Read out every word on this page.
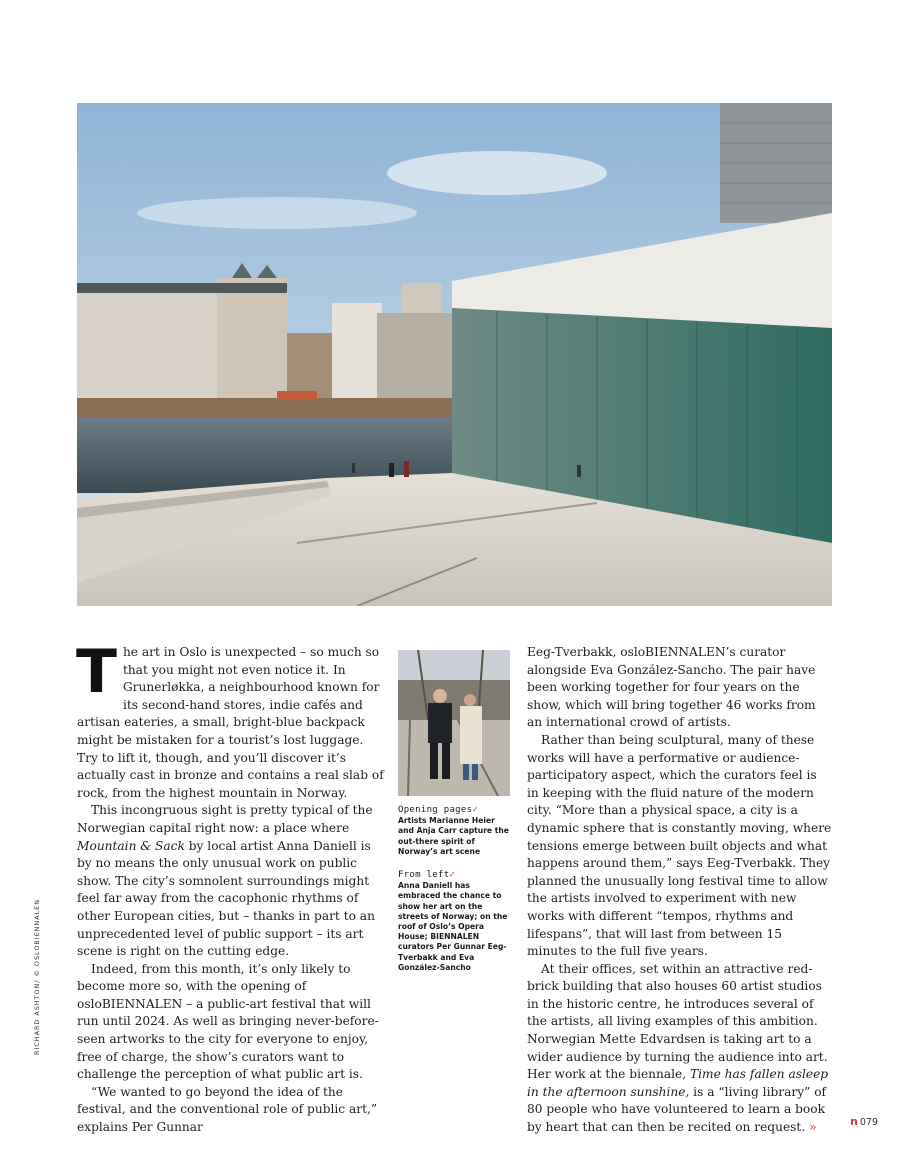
The art in Oslo is unexpected – so much so that you might not even notice it. In Grunerløkka, a neighbourhood known for its second-hand stores, indie cafés and artisan eateries, a small, bright-blue backpack might be mistaken for a tourist’s lost luggage. Try to lift it, though, and you’ll discover it’s actually cast in bronze and contains a real slab of rock, from the highest mountain in Norway.

This incongruous sight is pretty typical of the Norwegian capital right now: a place where Mountain & Sack by local artist Anna Daniell is by no means the only unusual work on public show. The city’s somnolent surroundings might feel far away from the cacophonic rhythms of other European cities, but – thanks in part to an unprecedented level of public support – its art scene is right on the cutting edge.

Indeed, from this month, it’s only likely to become more so, with the opening of osloBIENNALEN – a public-art festival that will run until 2024. As well as bringing never-before-seen artworks to the city for everyone to enjoy, free of charge, the show’s curators want to challenge the perception of what public art is.

“We wanted to go beyond the idea of the festival, and the conventional role of public art,” explains Per Gunnar

Opening pages✓
Artists Marianne Heier and Anja Carr capture the out-there spirit of Norway’s art scene
From left✓
Anna Daniell has embraced the chance to show her art on the streets of Norway; on the roof of Oslo’s Opera House; BIENNALEN curators Per Gunnar Eeg-Tverbakk and Eva González-Sancho

Eeg-Tverbakk, osloBIENNALEN’s curator alongside Eva González-Sancho. The pair have been working together for four years on the show, which will bring together 46 works from an international crowd of artists.

Rather than being sculptural, many of these works will have a performative or audience-participatory aspect, which the curators feel is in keeping with the fluid nature of the modern city. “More than a physical space, a city is a dynamic sphere that is constantly moving, where tensions emerge between built objects and what happens around them,” says Eeg-Tverbakk. They planned the unusually long festival time to allow the artists involved to experiment with new works with different “tempos, rhythms and lifespans”, that will last from between 15 minutes to the full five years.

At their offices, set within an attractive red-brick building that also houses 60 artist studios in the historic centre, he introduces several of the artists, all living examples of this ambition. Norwegian Mette Edvardsen is taking art to a wider audience by turning the audience into art. Her work at the biennale, Time has fallen asleep in the afternoon sunshine, is a “living library” of 80 people who have volunteered to learn a book by heart that can then be recited on request. »

RICHARD ASHTON/ © OSLOBIENNALEN
n 079
